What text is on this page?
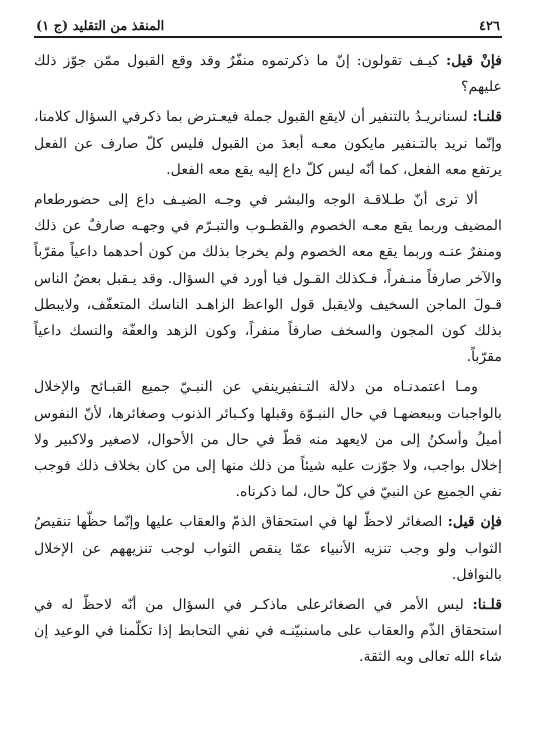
٤٢٦
المنقذ من التقليد (ج ١)

فإنْ قيل: كيـف تقولون: إنّ ما ذكرتموه منفّرٌ وقد وقع القبول ممّن جوّز ذلك عليهم؟

قلنـا: لسنانريـدُ بالتنفير أن لايقع القبول جملة فيعـترض بما ذكرفي السؤال كلامنا، وإنّما نريد بالتـنفير مايكون معـه أبعدَ من القبول فليس كلّ صارف عن الفعل يرتفع معه الفعل، كما أنّه ليس كلّ داع إليه يقع معه الفعل.

ألا ترى أنّ طـلاقـة الوجه والبشر في وجـه الضيـف داع إلى حضورطعام المضيف وربما يقع معـه الخصوم والقطـوب والتبـرّم في وجهـه صارفٌ عن ذلك ومنفرٌ عنـه وربما يقع معه الخصوم ولم يخرجا بذلك من كون أحدهما داعياً مقرّباً والآخر صارفاً منـفراً، فـكذلك القـول فيا أورد في السؤال. وقد يـقبل بعضُ الناس قـولَ الماجن السخيف ولايقبل قول الواعظ الزاهـد الناسك المتعفّف، ولايبطل بذلك كون المجون والسخف صارفاً منفراً، وكون الزهد والعفّة والنسك داعياً مقرّباً.

ومـا اعتمدنـاه من دلالة التـنفيرينفي عن النبـيّ جميع القبـائح والإخلال بالواجبات وببعضهـا في حال النبـوّة وقبلها وكـبائر الذنوب وصغائرها، لأنّ النفوس أميلُ وأسكنُ إلى من لايعهد منه قطّ في حال من الأحوال، لاصغير ولاكبير ولا إخلال بواجب، ولا جوّزت عليه شيئاً من ذلك منها إلى من كان بخلاف ذلك فوجب نفي الجميع عن النبيّ في كلّ حال، لما ذكرناه.

فإن قيل: الصغائر لاحظّ لها في استحقاق الذمّ والعقاب عليها وإنّما حظّها تنقيصُ الثواب ولو وجب تنزيه الأنبياء عمّا ينقص الثواب لوجب تنزيههم عن الإخلال بالنوافل.

قلـنا: ليس الأمر في الصغائرعلى ماذكـر في السؤال من أنّه لاحظّ له في استحقاق الذّم والعقاب على ماسنبيّنـه في نفي التحابط إذا تكلّمنا في الوعيد إن شاء الله تعالى وبه الثقة.
